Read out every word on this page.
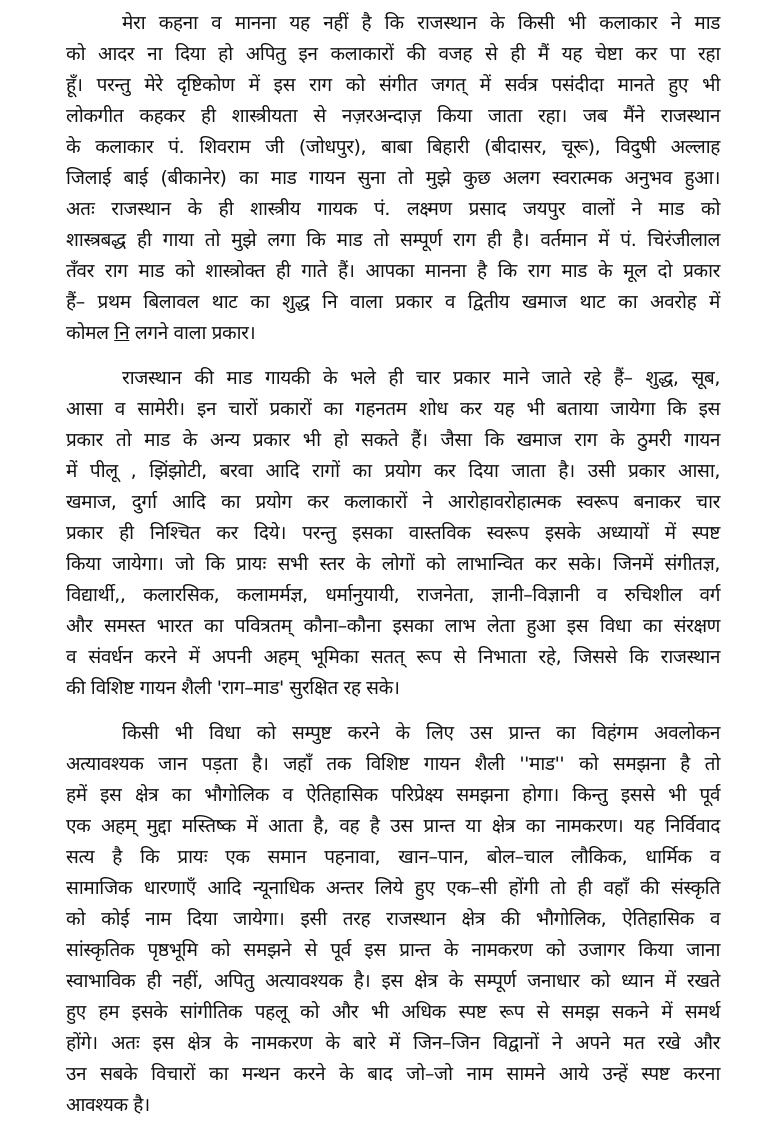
मेरा कहना व मानना यह नहीं है कि राजस्थान के किसी भी कलाकार ने माड
को आदर ना दिया हो अपितु इन कलाकारों की वजह से ही मैं यह चेष्टा कर पा रहा
हूँ। परन्तु मेरे दृष्टिकोण में इस राग को संगीत जगत् में सर्वत्र पसंदीदा मानते हुए भी
लोकगीत कहकर ही शास्त्रीयता से नज़रअन्दाज़ किया जाता रहा। जब मैंने राजस्थान
के कलाकार पं. शिवराम जी (जोधपुर), बाबा बिहारी (बीदासर, चूरू), विदुषी अल्लाह
जिलाई बाई (बीकानेर) का माड गायन सुना तो मुझे कुछ अलग स्वरात्मक अनुभव हुआ।
अतः राजस्थान के ही शास्त्रीय गायक पं. लक्ष्मण प्रसाद जयपुर वालों ने माड को
शास्त्रबद्ध ही गाया तो मुझे लगा कि माड तो सम्पूर्ण राग ही है। वर्तमान में पं. चिरंजीलाल
तँवर राग माड को शास्त्रोक्त ही गाते हैं। आपका मानना है कि राग माड के मूल दो प्रकार
हैं– प्रथम बिलावल थाट का शुद्ध नि वाला प्रकार व द्वितीय खमाज थाट का अवरोह में
कोमल नि लगने वाला प्रकार।
राजस्थान की माड गायकी के भले ही चार प्रकार माने जाते रहे हैं– शुद्ध, सूब,
आसा व सामेरी। इन चारों प्रकारों का गहनतम शोध कर यह भी बताया जायेगा कि इस
प्रकार तो माड के अन्य प्रकार भी हो सकते हैं। जैसा कि खमाज राग के ठुमरी गायन
में पीलू , झिंझोटी, बरवा आदि रागों का प्रयोग कर दिया जाता है। उसी प्रकार आसा,
खमाज, दुर्गा आदि का प्रयोग कर कलाकारों ने आरोहावरोहात्मक स्वरूप बनाकर चार
प्रकार ही निश्चित कर दिये। परन्तु इसका वास्तविक स्वरूप इसके अध्यायों में स्पष्ट
किया जायेगा। जो कि प्रायः सभी स्तर के लोगों को लाभान्वित कर सके। जिनमें संगीतज्ञ,
विद्यार्थी,, कलारसिक, कलामर्मज्ञ, धर्मानुयायी, राजनेता, ज्ञानी–विज्ञानी व रुचिशील वर्ग
और समस्त भारत का पवित्रतम् कौना–कौना इसका लाभ लेता हुआ इस विधा का संरक्षण
व संवर्धन करने में अपनी अहम् भूमिका सतत् रूप से निभाता रहे, जिससे कि राजस्थान
की विशिष्ट गायन शैली 'राग–माड' सुरक्षित रह सके।
किसी भी विधा को सम्पुष्ट करने के लिए उस प्रान्त का विहंगम अवलोकन
अत्यावश्यक जान पड़ता है। जहाँ तक विशिष्ट गायन शैली ''माड'' को समझना है तो
हमें इस क्षेत्र का भौगोलिक व ऐतिहासिक परिप्रेक्ष्य समझना होगा। किन्तु इससे भी पूर्व
एक अहम् मुद्दा मस्तिष्क में आता है, वह है उस प्रान्त या क्षेत्र का नामकरण। यह निर्विवाद
सत्य है कि प्रायः एक समान पहनावा, खान–पान, बोल–चाल लौकिक, धार्मिक व
सामाजिक धारणाएँ आदि न्यूनाधिक अन्तर लिये हुए एक–सी होंगी तो ही वहाँ की संस्कृति
को कोई नाम दिया जायेगा। इसी तरह राजस्थान क्षेत्र की भौगोलिक, ऐतिहासिक व
सांस्कृतिक पृष्ठभूमि को समझने से पूर्व इस प्रान्त के नामकरण को उजागर किया जाना
स्वाभाविक ही नहीं, अपितु अत्यावश्यक है। इस क्षेत्र के सम्पूर्ण जनाधार को ध्यान में रखते
हुए हम इसके सांगीतिक पहलू को और भी अधिक स्पष्ट रूप से समझ सकने में समर्थ
होंगे। अतः इस क्षेत्र के नामकरण के बारे में जिन–जिन विद्वानों ने अपने मत रखे और
उन सबके विचारों का मन्थन करने के बाद जो–जो नाम सामने आये उन्हें स्पष्ट करना
आवश्यक है।
